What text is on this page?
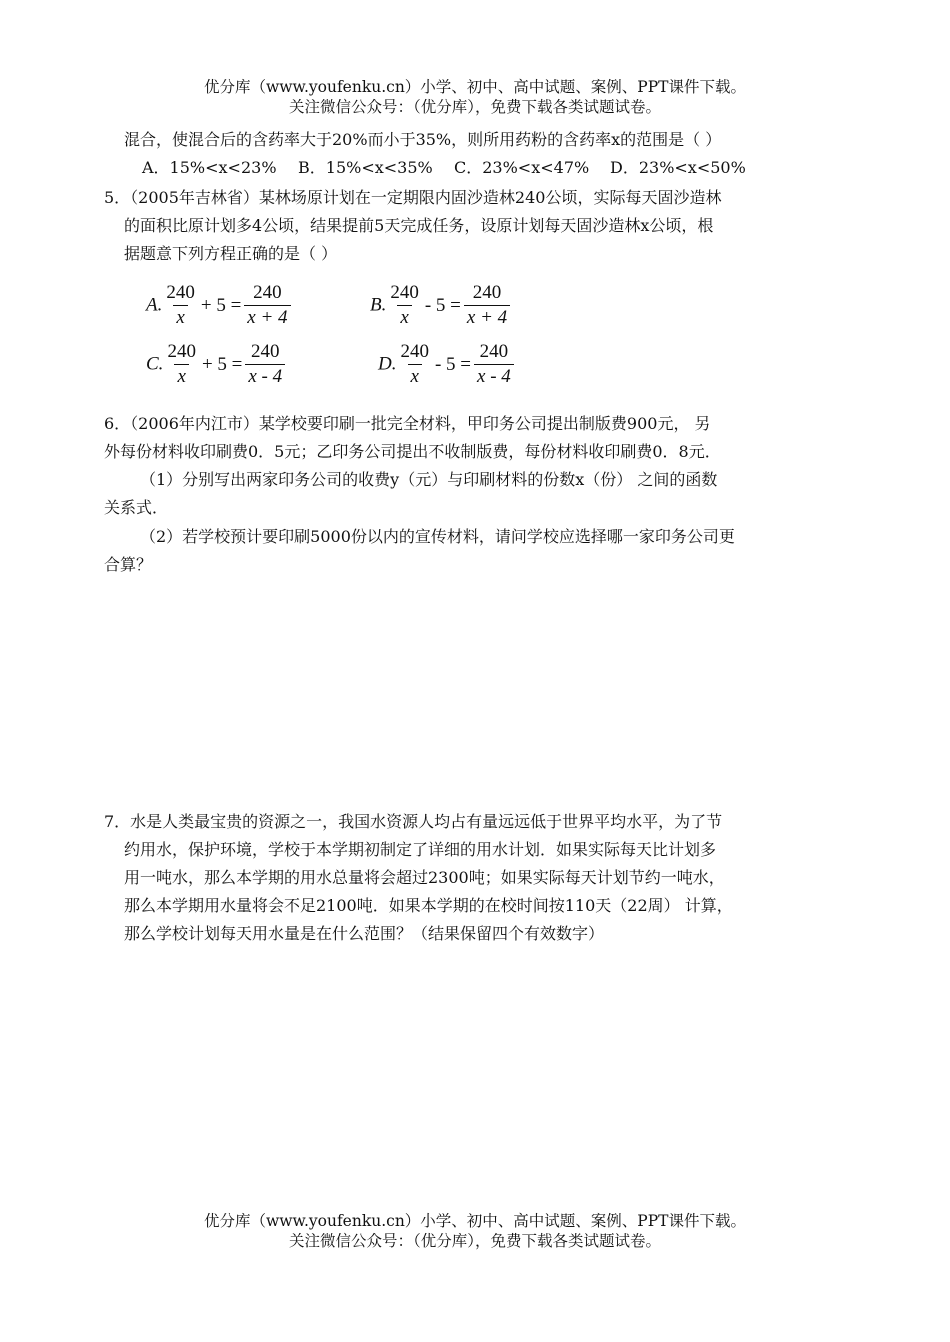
优分库（www.youfenku.cn）小学、初中、高中试题、案例、PPT课件下载。
关注微信公众号：（优分库），免费下载各类试题试卷。
混合，使混合后的含药率大于20%而小于35%，则所用药粉的含药率x的范围是（ ）
A．15%<x<23% B．15%<x<35% C．23%<x<47% D．23%<x<50%
5．（2005年吉林省）某林场原计划在一定期限内固沙造林240公顷，实际每天固沙造林
的面积比原计划多4公顷，结果提前5天完成任务，设原计划每天固沙造林x公顷，根
据题意下列方程正确的是（ ）
A. $\frac{240}{x} + 5 = \frac{240}{x + 4}$	B. $\frac{240}{x} - 5 = \frac{240}{x + 4}$
C. $\frac{240}{x} + 5 = \frac{240}{x - 4}$	D. $\frac{240}{x} - 5 = \frac{240}{x - 4}$
6．（2006年内江市）某学校要印刷一批完全材料，甲印务公司提出制版费900元， 另
外每份材料收印刷费0．5元；乙印务公司提出不收制版费，每份材料收印刷费0．8元．
（1）分别写出两家印务公司的收费y（元）与印刷材料的份数x（份） 之间的函数
关系式．
（2）若学校预计要印刷5000份以内的宣传材料，请问学校应选择哪一家印务公司更
合算？
7．水是人类最宝贵的资源之一，我国水资源人均占有量远远低于世界平均水平，为了节
约用水，保护环境，学校于本学期初制定了详细的用水计划．如果实际每天比计划多
用一吨水，那么本学期的用水总量将会超过2300吨；如果实际每天计划节约一吨水，
那么本学期用水量将会不足2100吨．如果本学期的在校时间按110天（22周） 计算，
那么学校计划每天用水量是在什么范围？（结果保留四个有效数字）
优分库（www.youfenku.cn）小学、初中、高中试题、案例、PPT课件下载。
关注微信公众号：（优分库），免费下载各类试题试卷。
